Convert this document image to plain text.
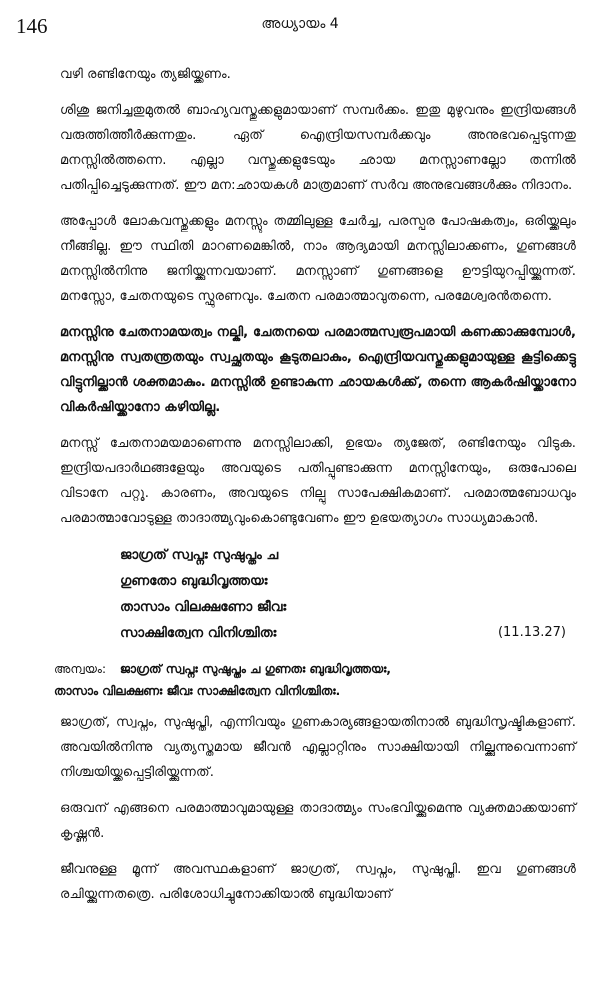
146	അധ്യായം 4

വഴി രണ്ടിനേയും ത്യജിയ്ക്കണം.

ശിശു ജനിച്ചതുമുതൽ ബാഹ്യവസ്തുക്കളുമായാണ് സമ്പർക്കം. ഇതു മുഴുവനും ഇന്ദ്രിയങ്ങൾ വരുത്തിത്തീർക്കുന്നതും. ഏത് ഐന്ദ്രിയസമ്പർക്കവും അനുഭവപ്പെടുന്നതു മനസ്സിൽത്തന്നെ. എല്ലാ വസ്തുക്കളുടേയും ഛായ മനസ്സാണല്ലോ തന്നിൽ പതിപ്പിച്ചെടുക്കുന്നത്. ഈ മന:ഛായകൾ മാത്രമാണ് സർവ അനുഭവങ്ങൾക്കും നിദാനം.

അപ്പോൾ ലോകവസ്തുക്കളും മനസ്സും തമ്മിലുള്ള ചേർച്ച, പരസ്പര പോഷകത്വം, ഒരിയ്ക്കലും നീങ്ങില്ല. ഈ സ്ഥിതി മാറണമെങ്കിൽ, നാം ആദ്യമായി മനസ്സിലാക്കണം, ഗുണങ്ങൾ മനസ്സിൽനിന്നു ജനിയ്ക്കുന്നവയാണ്. മനസ്സാണ് ഗുണങ്ങളെ ഊട്ടിയുറപ്പിയ്ക്കുന്നത്. മനസ്സോ, ചേതനയുടെ സ്ഫുരണവും. ചേതന പരമാത്മാവുതന്നെ, പരമേശ്വരൻതന്നെ.

മനസ്സിനു ചേതനാമയത്വം നല്കി, ചേതനയെ പരമാത്മസ്വരൂപമായി കണക്കാക്കുമ്പോൾ, മനസ്സിനു സ്വതന്ത്രതയും സ്വച്ഛതയും കൂടുതലാകും, ഐന്ദ്രിയവസ്തുക്കളുമായുള്ള കൂട്ടിക്കെട്ടു വിട്ടുനില്ക്കാൻ ശക്തമാകും. മനസ്സിൽ ഉണ്ടാകുന്ന ഛായകൾക്ക്, തന്നെ ആകർഷിയ്ക്കാനോ വികർഷിയ്ക്കാനോ കഴിയില്ല.

മനസ്സ് ചേതനാമയമാണെന്നു മനസ്സിലാക്കി, ഉഭയം ത്യജേത്, രണ്ടിനേയും വിടുക. ഇന്ദ്രിയപദാർഥങ്ങളേയും അവയുടെ പതിപ്പുണ്ടാക്കുന്ന മനസ്സിനേയും, ഒരുപോലെ വിടാനേ പറ്റൂ. കാരണം, അവയുടെ നില്പു സാപേക്ഷികമാണ്. പരമാത്മബോധവും പരമാത്മാവോടുള്ള താദാത്മ്യവുംകൊണ്ടുവേണം ഈ ഉഭയത്യാഗം സാധ്യമാകാൻ.

ജാഗ്രത് സ്വപ്നഃ സുഷുപ്തം ച
ഗുണതോ ബുദ്ധിവൃത്തയഃ
താസാം വിലക്ഷണോ ജീവഃ
സാക്ഷിത്വേന വിനിശ്ചിതഃ	(11.13.27)
അന്വയം: ജാഗ്രത് സ്വപ്നഃ സുഷുപ്തം ച ഗുണതഃ ബുദ്ധിവൃത്തയഃ,
താസാം വിലക്ഷണഃ ജീവഃ സാക്ഷിത്വേന വിനിശ്ചിതഃ.

ജാഗ്രത്, സ്വപ്നം, സുഷുപ്തി, എന്നിവയും ഗുണകാര്യങ്ങളായതിനാൽ ബുദ്ധിസൃഷ്ടികളാണ്. അവയിൽനിന്നു വ്യത്യസ്തമായ ജീവൻ എല്ലാറ്റിനും സാക്ഷിയായി നില്ക്കുന്നുവെന്നാണ് നിശ്ചയിയ്ക്കപ്പെട്ടിരിയ്ക്കുന്നത്.

ഒരുവന് എങ്ങനെ പരമാത്മാവുമായുള്ള താദാത്മ്യം സംഭവിയ്ക്കുമെന്നു വ്യക്തമാക്കയാണ് കൃഷ്ണൻ.

ജീവനുള്ള മൂന്ന് അവസ്ഥകളാണ് ജാഗ്രത്, സ്വപ്നം, സുഷുപ്തി. ഇവ ഗുണങ്ങൾ രചിയ്ക്കുന്നതത്രെ. പരിശോധിച്ചുനോക്കിയാൽ ബുദ്ധിയാണ്
